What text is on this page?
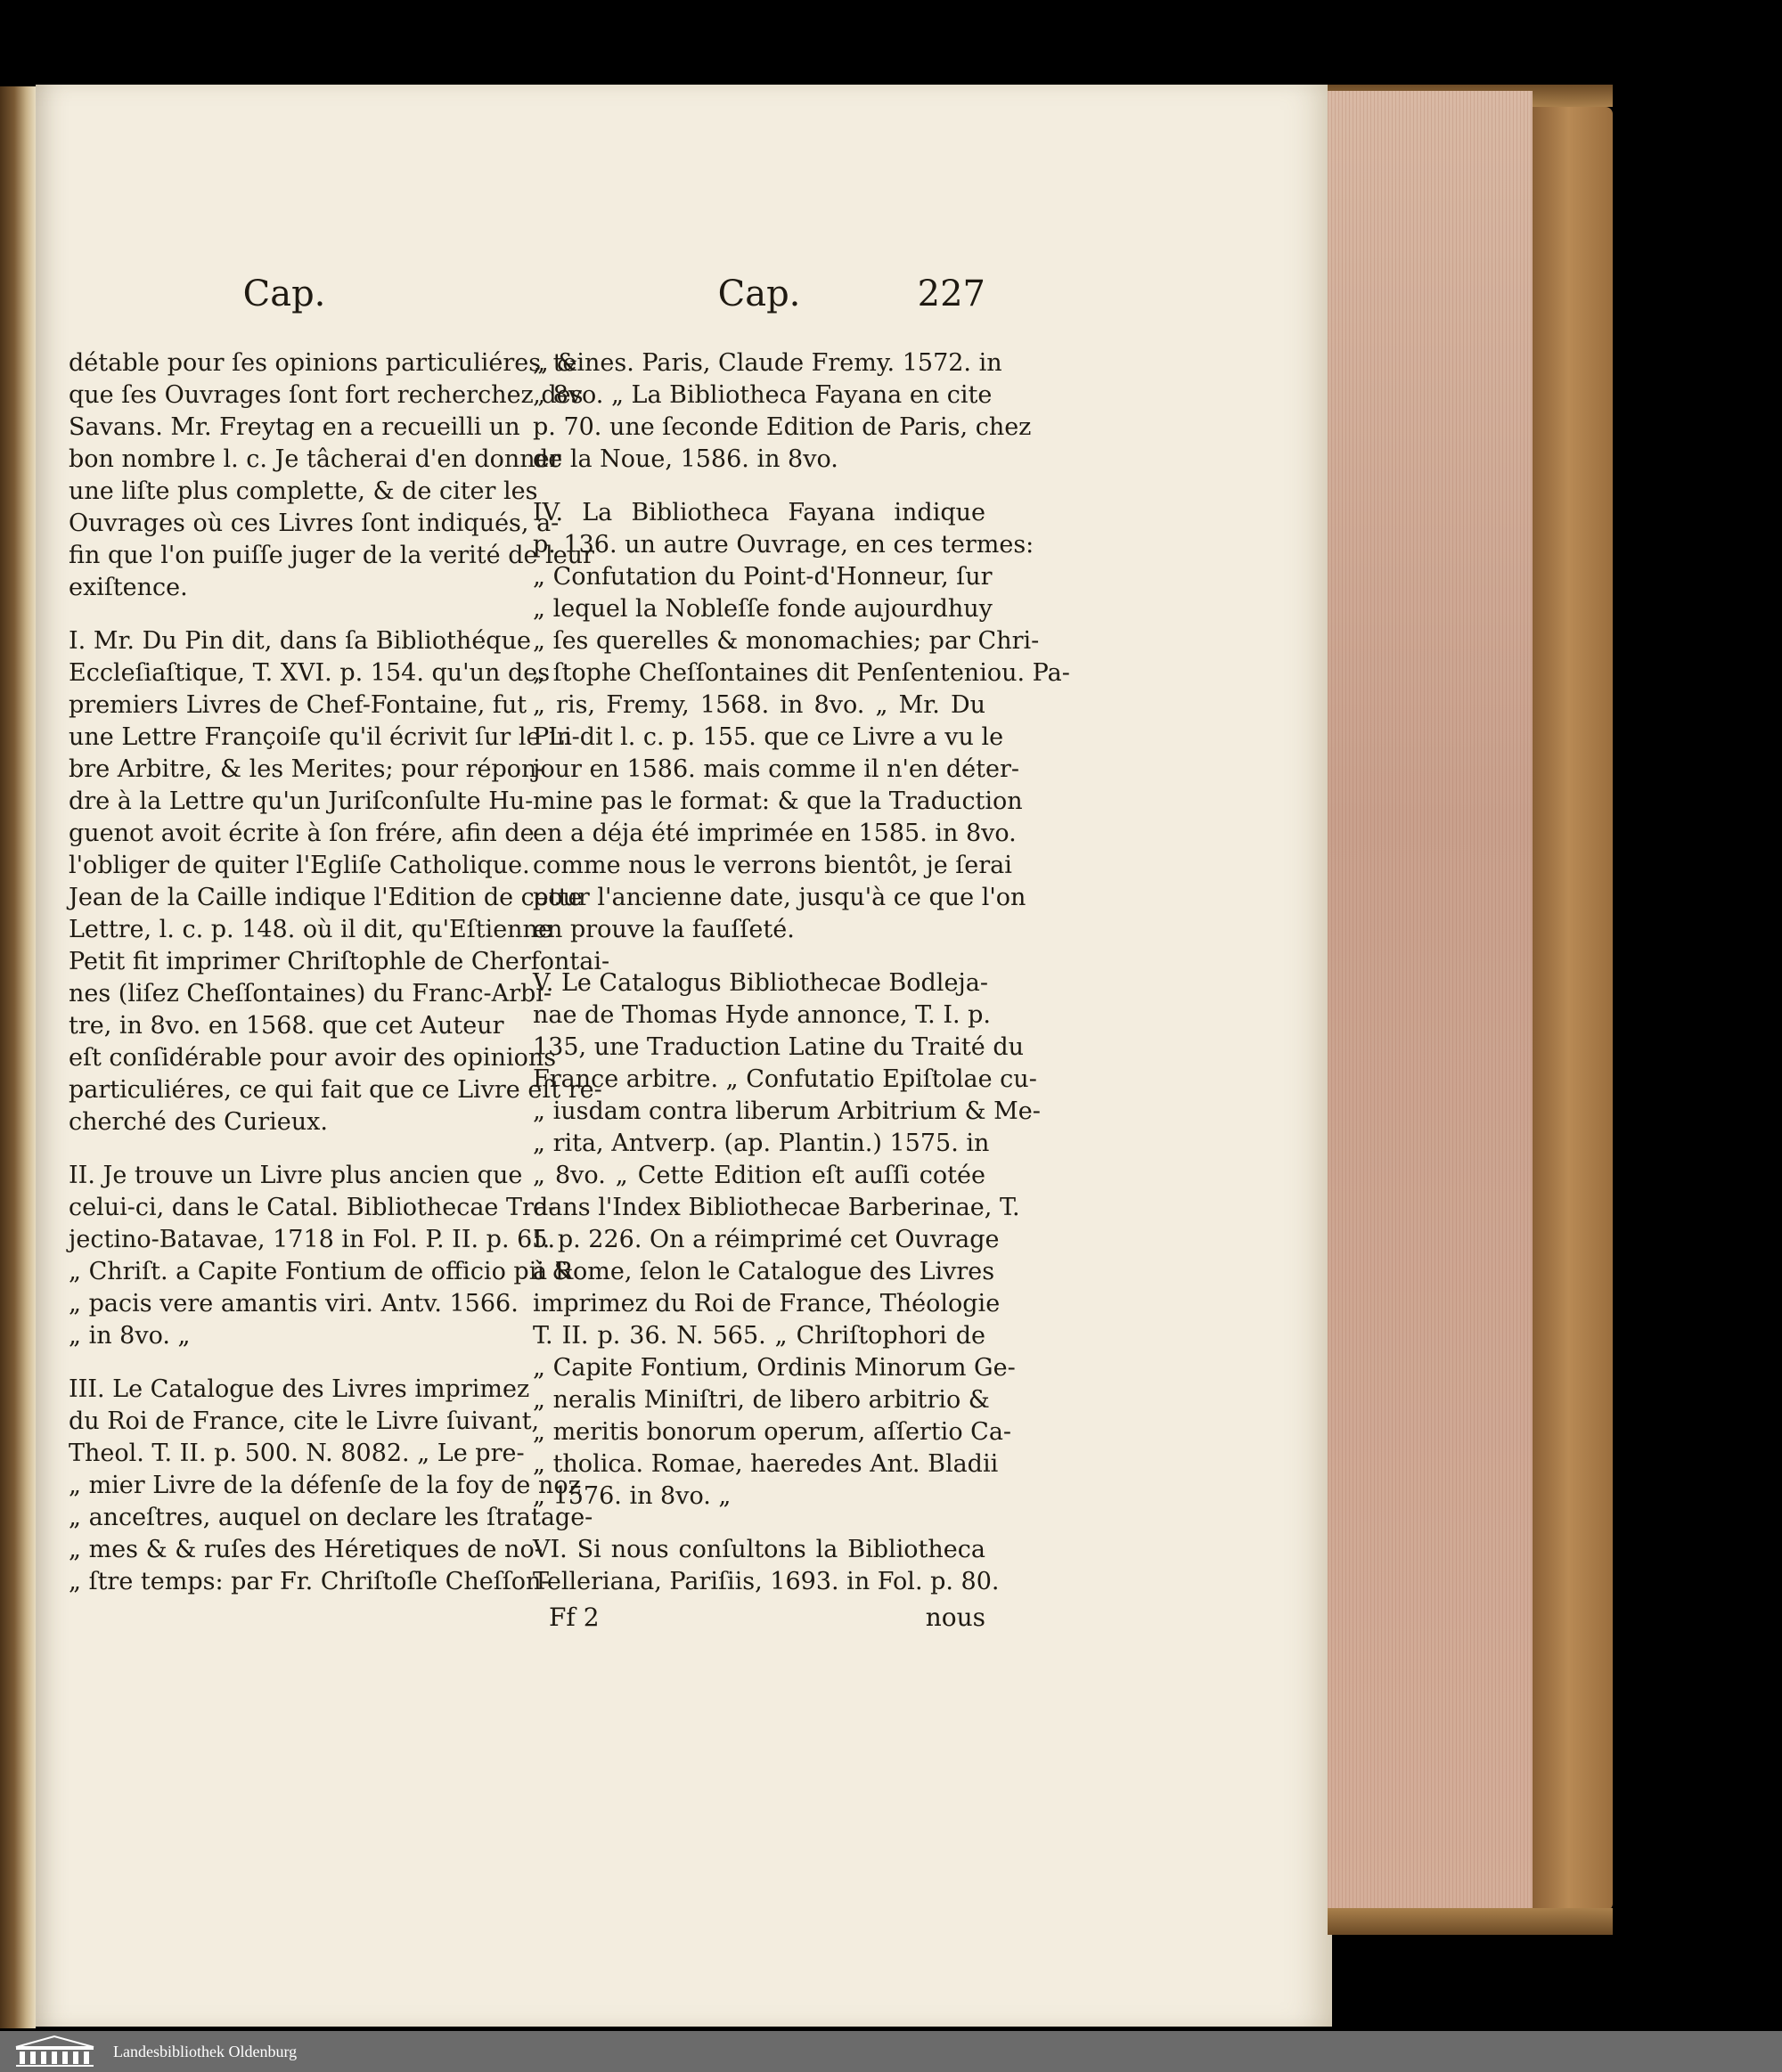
Cap.
détable pour ſes opinions particuliéres, &
que ſes Ouvrages ſont fort recherchez des
Savans. Mr. Freytag en a recueilli un
bon nombre l. c. Je tâcherai d'en donner
une liſte plus complette, & de citer les
Ouvrages où ces Livres ſont indiqués, a-
fin que l'on puiſſe juger de la verité de leur
exiſtence.
I. Mr. Du Pin dit, dans ſa Bibliothéque
Eccleſiaſtique, T. XVI. p. 154. qu'un des
premiers Livres de Chef-Fontaine, fut
une Lettre Françoiſe qu'il écrivit ſur le Li-
bre Arbitre, & les Merites; pour répon-
dre à la Lettre qu'un Juriſconſulte Hu-
guenot avoit écrite à ſon frére, afin de
l'obliger de quiter l'Egliſe Catholique.
Jean de la Caille indique l'Edition de cette
Lettre, l. c. p. 148. où il dit, qu'Eſtienne
Petit fit imprimer Chriſtophle de Cherfontai-
nes (liſez Cheſſontaines) du Franc-Arbi-
tre, in 8vo. en 1568. que cet Auteur
eſt conſidérable pour avoir des opinions
particuliéres, ce qui fait que ce Livre eſt re-
cherché des Curieux.
II. Je trouve un Livre plus ancien que
celui-ci, dans le Catal. Bibliothecae Tra-
jectino-Batavae, 1718 in Fol. P. II. p. 65.
„ Chriſt. a Capite Fontium de officio pii &
„ pacis vere amantis viri. Antv. 1566.
„ in 8vo. „
III. Le Catalogue des Livres imprimez
du Roi de France, cite le Livre ſuivant,
Theol. T. II. p. 500. N. 8082. „ Le pre-
„ mier Livre de la défenſe de la foy de noz
„ anceſtres, auquel on declare les ſtratage-
„ mes & & ruſes des Héretiques de no-
„ ſtre temps: par Fr. Chriſtoſle Cheſſon-
Cap.	227
„ teines. Paris, Claude Fremy. 1572. in
„ 8vo. „ La Bibliotheca Fayana en cite
p. 70. une ſeconde Edition de Paris, chez
de la Noue, 1586. in 8vo.
IV. La Bibliotheca Fayana indique
p. 136. un autre Ouvrage, en ces termes:
„ Confutation du Point-d'Honneur, ſur
„ lequel la Nobleſſe fonde aujourdhuy
„ ſes querelles & monomachies; par Chri-
„ ſtophe Cheſſontaines dit Penſenteniou. Pa-
„ ris, Fremy, 1568. in 8vo. „ Mr. Du
Pin dit l. c. p. 155. que ce Livre a vu le
jour en 1586. mais comme il n'en déter-
mine pas le format: & que la Traduction
en a déja été imprimée en 1585. in 8vo.
comme nous le verrons bientôt, je ſerai
pour l'ancienne date, jusqu'à ce que l'on
en prouve la fauſſeté.
V. Le Catalogus Bibliothecae Bodleja-
nae de Thomas Hyde annonce, T. I. p.
135, une Traduction Latine du Traité du
France arbitre. „ Confutatio Epiſtolae cu-
„ iusdam contra liberum Arbitrium & Me-
„ rita, Antverp. (ap. Plantin.) 1575. in
„ 8vo. „ Cette Edition eſt auſſi cotée
dans l'Index Bibliothecae Barberinae, T.
I. p. 226. On a réimprimé cet Ouvrage
à Rome, ſelon le Catalogue des Livres
imprimez du Roi de France, Théologie
T. II. p. 36. N. 565. „ Chriſtophori de
„ Capite Fontium, Ordinis Minorum Ge-
„ neralis Miniſtri, de libero arbitrio &
„ meritis bonorum operum, aſſertio Ca-
„ tholica. Romae, haeredes Ant. Bladii
„ 1576. in 8vo. „
VI. Si nous conſultons la Bibliotheca
Telleriana, Pariſiis, 1693. in Fol. p. 80.
Ff 2	nous
Landesbibliothek Oldenburg
